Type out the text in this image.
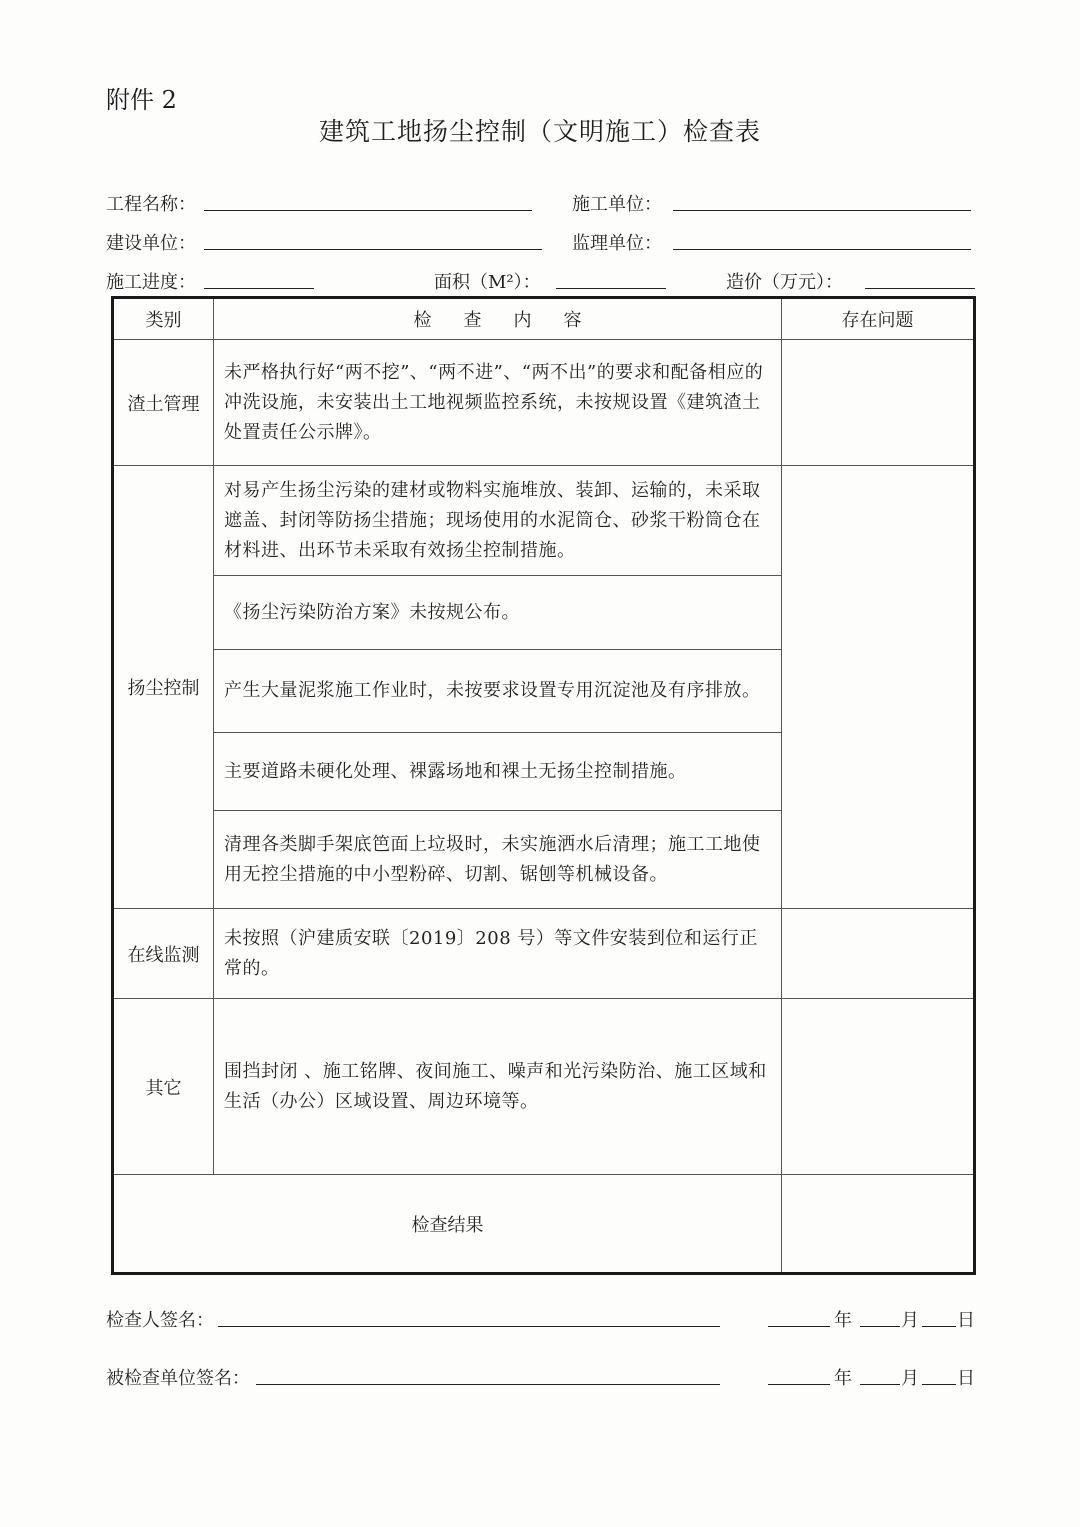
附件 2
建筑工地扬尘控制（文明施工）检查表
工程名称：	施工单位：
建设单位：	监理单位：
施工进度：	面积（M²）：	造价（万元）：
类别	检查内容	存在问题
渣土管理	未严格执行好“两不挖”、“两不进”、“两不出”的要求和配备相应的冲洗设施，未安装出土工地视频监控系统，未按规设置《建筑渣土处置责任公示牌》。	
扬尘控制	对易产生扬尘污染的建材或物料实施堆放、装卸、运输的，未采取遮盖、封闭等防扬尘措施；现场使用的水泥筒仓、砂浆干粉筒仓在材料进、出环节未采取有效扬尘控制措施。	
	《扬尘污染防治方案》未按规公布。	
	产生大量泥浆施工作业时，未按要求设置专用沉淀池及有序排放。	
	主要道路未硬化处理、裸露场地和裸土无扬尘控制措施。	
	清理各类脚手架底笆面上垃圾时，未实施洒水后清理；施工工地使用无控尘措施的中小型粉碎、切割、锯刨等机械设备。	
在线监测	未按照（沪建质安联〔2019〕208 号）等文件安装到位和运行正常的。	
其它	围挡封闭 、施工铭牌、夜间施工、噪声和光污染防治、施工区域和生活（办公）区域设置、周边环境等。	
检查结果		
检查人签名：	年	月 日
被检查单位签名：	年	月 日
